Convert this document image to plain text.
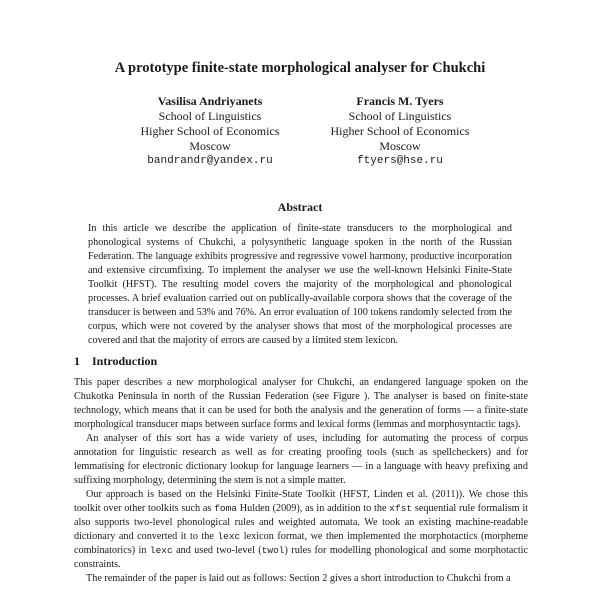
A prototype finite-state morphological analyser for Chukchi
Vasilisa Andriyanets
School of Linguistics
Higher School of Economics
Moscow
bandrandr@yandex.ru
Francis M. Tyers
School of Linguistics
Higher School of Economics
Moscow
ftyers@hse.ru
Abstract
In this article we describe the application of finite-state transducers to the morphological and phonological systems of Chukchi, a polysynthetic language spoken in the north of the Russian Federation. The language exhibits progressive and regressive vowel harmony, productive incorporation and extensive circumfixing. To implement the analyser we use the well-known Helsinki Finite-State Toolkit (HFST). The resulting model covers the majority of the morphological and phonological processes. A brief evaluation carried out on publically-available corpora shows that the coverage of the transducer is between and 53% and 76%. An error evaluation of 100 tokens randomly selected from the corpus, which were not covered by the analyser shows that most of the morphological processes are covered and that the majority of errors are caused by a limited stem lexicon.
1 Introduction

This paper describes a new morphological analyser for Chukchi, an endangered language spoken on the Chukotka Peninsula in north of the Russian Federation (see Figure ). The analyser is based on finite-state technology, which means that it can be used for both the analysis and the generation of forms — a finite-state morphological transducer maps between surface forms and lexical forms (lemmas and morphosyntactic tags).

An analyser of this sort has a wide variety of uses, including for automating the process of corpus annotation for linguistic research as well as for creating proofing tools (such as spellcheckers) and for lemmatising for electronic dictionary lookup for language learners — in a language with heavy prefixing and suffixing morphology, determining the stem is not a simple matter.

Our approach is based on the Helsinki Finite-State Toolkit (HFST, Linden et al. (2011)). We chose this toolkit over other toolkits such as foma Hulden (2009), as in addition to the xfst sequential rule formalism it also supports two-level phonological rules and weighted automata. We took an existing machine-readable dictionary and converted it to the lexc lexicon format, we then implemented the morphotactics (morpheme combinatorics) in lexc and used two-level (twol) rules for modelling phonological and some morphotactic constraints.

The remainder of the paper is laid out as follows: Section 2 gives a short introduction to Chukchi from a
